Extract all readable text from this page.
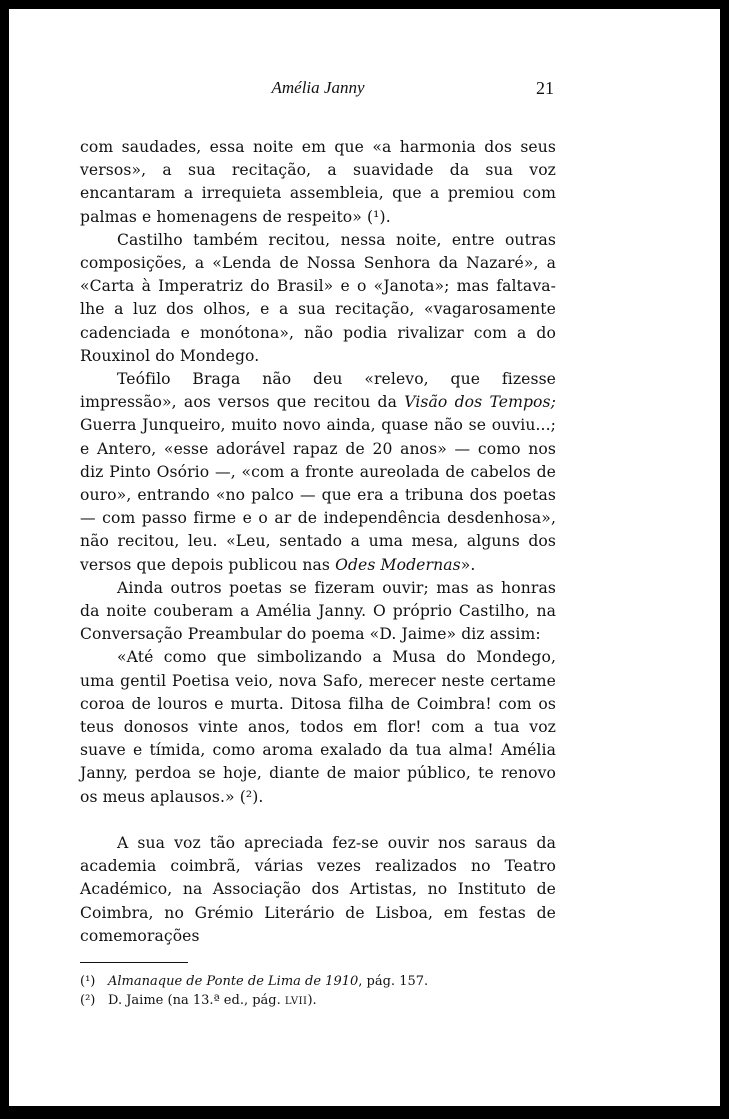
Amélia Janny	21

com saudades, essa noite em que «a harmonia dos seus versos», a sua recitação, a suavidade da sua voz encantaram a irrequieta assembleia, que a premiou com palmas e homenagens de respeito» (¹).

Castilho também recitou, nessa noite, entre outras composições, a «Lenda de Nossa Senhora da Nazaré», a «Carta à Imperatriz do Brasil» e o «Janota»; mas faltava-lhe a luz dos olhos, e a sua recitação, «vagarosamente cadenciada e monótona», não podia rivalizar com a do Rouxinol do Mondego.

Teófilo Braga não deu «relevo, que fizesse impressão», aos versos que recitou da Visão dos Tempos; Guerra Junqueiro, muito novo ainda, quase não se ouviu...; e Antero, «esse adorável rapaz de 20 anos» — como nos diz Pinto Osório —, «com a fronte aureolada de cabelos de ouro», entrando «no palco — que era a tribuna dos poetas — com passo firme e o ar de independência desdenhosa», não recitou, leu. «Leu, sentado a uma mesa, alguns dos versos que depois publicou nas Odes Modernas».

Ainda outros poetas se fizeram ouvir; mas as honras da noite couberam a Amélia Janny. O próprio Castilho, na Conversação Preambular do poema «D. Jaime» diz assim:

«Até como que simbolizando a Musa do Mondego, uma gentil Poetisa veio, nova Safo, merecer neste certame coroa de louros e murta. Ditosa filha de Coimbra! com os teus donosos vinte anos, todos em flor! com a tua voz suave e tímida, como aroma exalado da tua alma! Amélia Janny, perdoa se hoje, diante de maior público, te renovo os meus aplausos.» (²).

A sua voz tão apreciada fez-se ouvir nos saraus da academia coimbrã, várias vezes realizados no Teatro Académico, na Associação dos Artistas, no Instituto de Coimbra, no Grémio Literário de Lisboa, em festas de comemorações

(¹) Almanaque de Ponte de Lima de 1910, pág. 157.

(²) D. Jaime (na 13.ª ed., pág. LVII).
